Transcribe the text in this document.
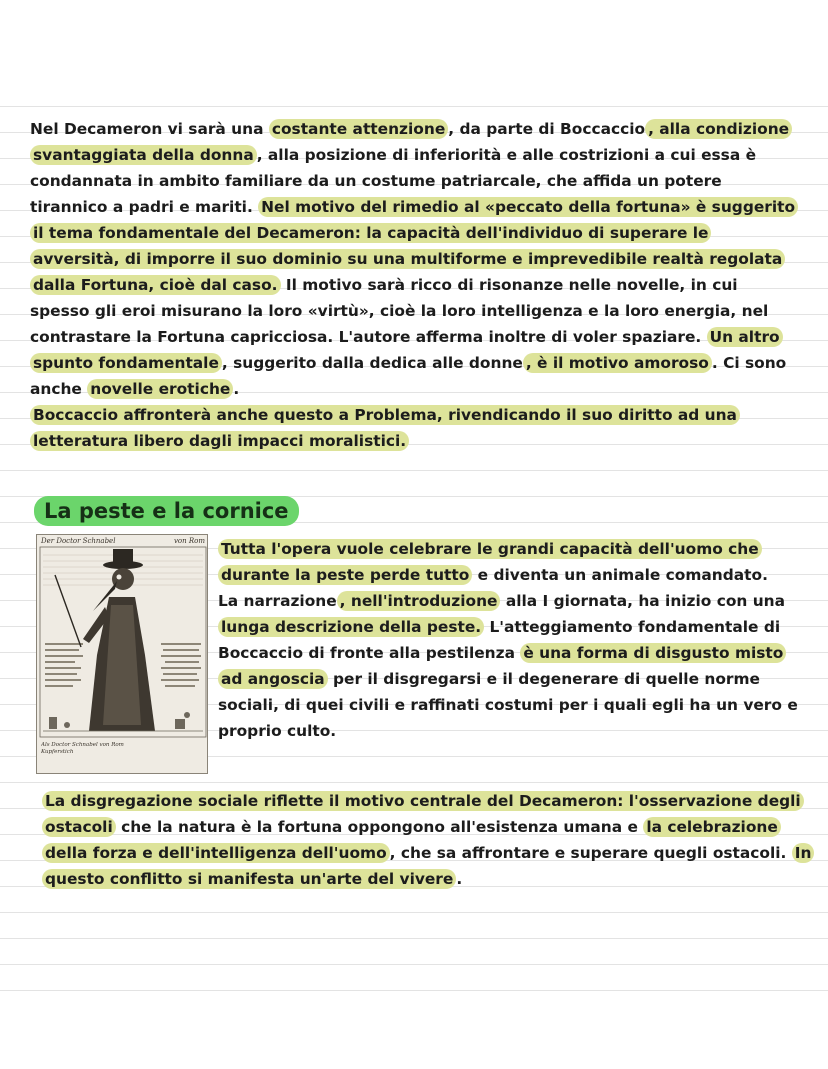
Nel Decameron vi sarà una costante attenzione , da parte di Boccaccio , alla condizione svantaggiata della donna , alla posizione di inferiorità e alle costrizioni a cui essa è condannata in ambito familiare da un costume patriarcale, che affida un potere tirannico a padri e mariti. Nel motivo del rimedio al «peccato della fortuna» è suggerito il tema fondamentale del Decameron: la capacità dell'individuo di superare le avversità, di imporre il suo dominio su una multiforme e imprevedibile realtà regolata dalla Fortuna, cioè dal caso. Il motivo sarà ricco di risonanze nelle novelle, in cui spesso gli eroi misurano la loro «virtù», cioè la loro intelligenza e la loro energia, nel contrastare la Fortuna capricciosa. L'autore afferma inoltre di voler spaziare. Un altro spunto fondamentale , suggerito dalla dedica alle donne , è il motivo amoroso . Ci sono anche novelle erotiche .
Boccaccio affronterà anche questo a Problema, rivendicando il suo diritto ad una letteratura libero dagli impacci moralistici.

La peste e la cornice
Der Doctor Schnabel	von Rom
Als Doctor Schnabel von Rom
Kupferstich

Tutta l'opera vuole celebrare le grandi capacità dell'uomo che durante la peste perde tutto e diventa un animale comandato.
La narrazione , nell'introduzione alla I giornata, ha inizio con una lunga descrizione della peste. L'atteggiamento fondamentale di Boccaccio di fronte alla pestilenza è una forma di disgusto misto ad angoscia per il disgregarsi e il degenerare di quelle norme sociali, di quei civili e raffinati costumi per i quali egli ha un vero e proprio culto.

La disgregazione sociale riflette il motivo centrale del Decameron: l'osservazione degli ostacoli che la natura è la fortuna oppongono all'esistenza umana e la celebrazione della forza e dell'intelligenza dell'uomo , che sa affrontare e superare quegli ostacoli. In questo conflitto si manifesta un'arte del vivere .
